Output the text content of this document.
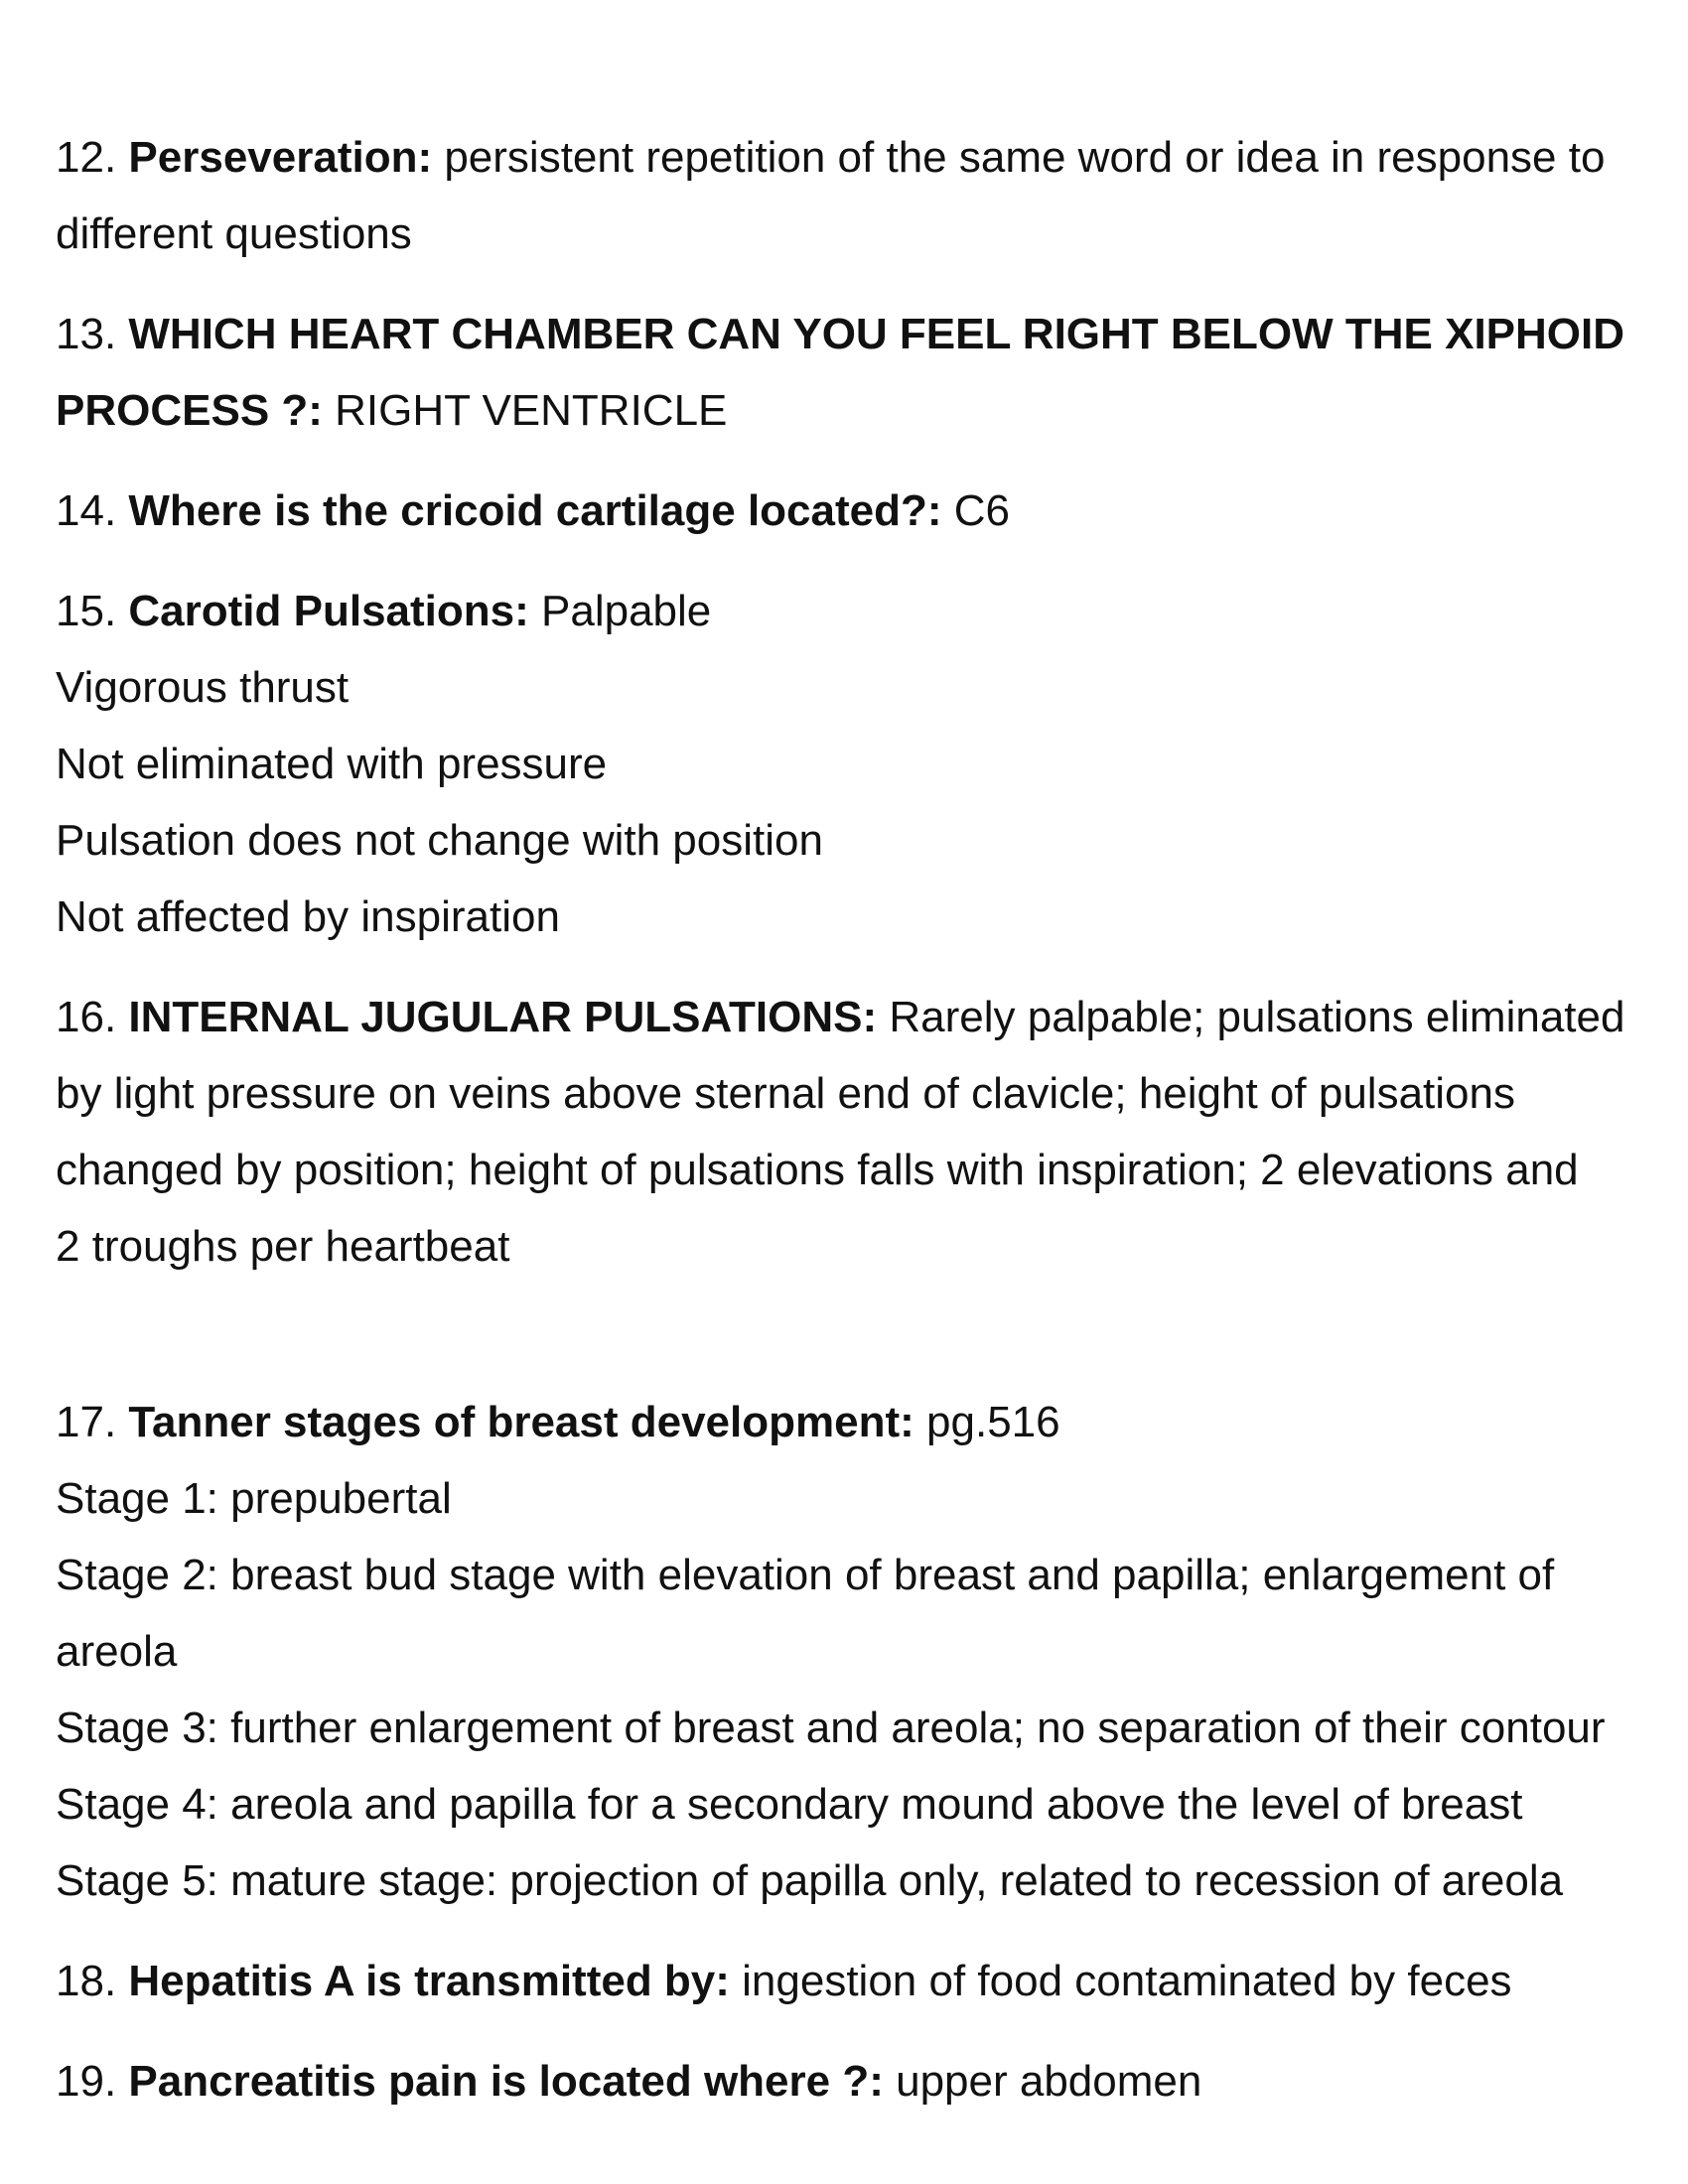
12. Perseveration: persistent repetition of the same word or idea in response to

different questions

13. WHICH HEART CHAMBER CAN YOU FEEL RIGHT BELOW THE XIPHOID

PROCESS ?: RIGHT VENTRICLE

14. Where is the cricoid cartilage located?: C6

15. Carotid Pulsations: Palpable

Vigorous thrust

Not eliminated with pressure

Pulsation does not change with position

Not affected by inspiration

16. INTERNAL JUGULAR PULSATIONS: Rarely palpable; pulsations eliminated

by light pressure on veins above sternal end of clavicle; height of pulsations

changed by position; height of pulsations falls with inspiration; 2 elevations and

2 troughs per heartbeat

17. Tanner stages of breast development: pg.516

Stage 1: prepubertal

Stage 2: breast bud stage with elevation of breast and papilla; enlargement of

areola

Stage 3: further enlargement of breast and areola; no separation of their contour

Stage 4: areola and papilla for a secondary mound above the level of breast

Stage 5: mature stage: projection of papilla only, related to recession of areola

18. Hepatitis A is transmitted by: ingestion of food contaminated by feces

19. Pancreatitis pain is located where ?: upper abdomen
